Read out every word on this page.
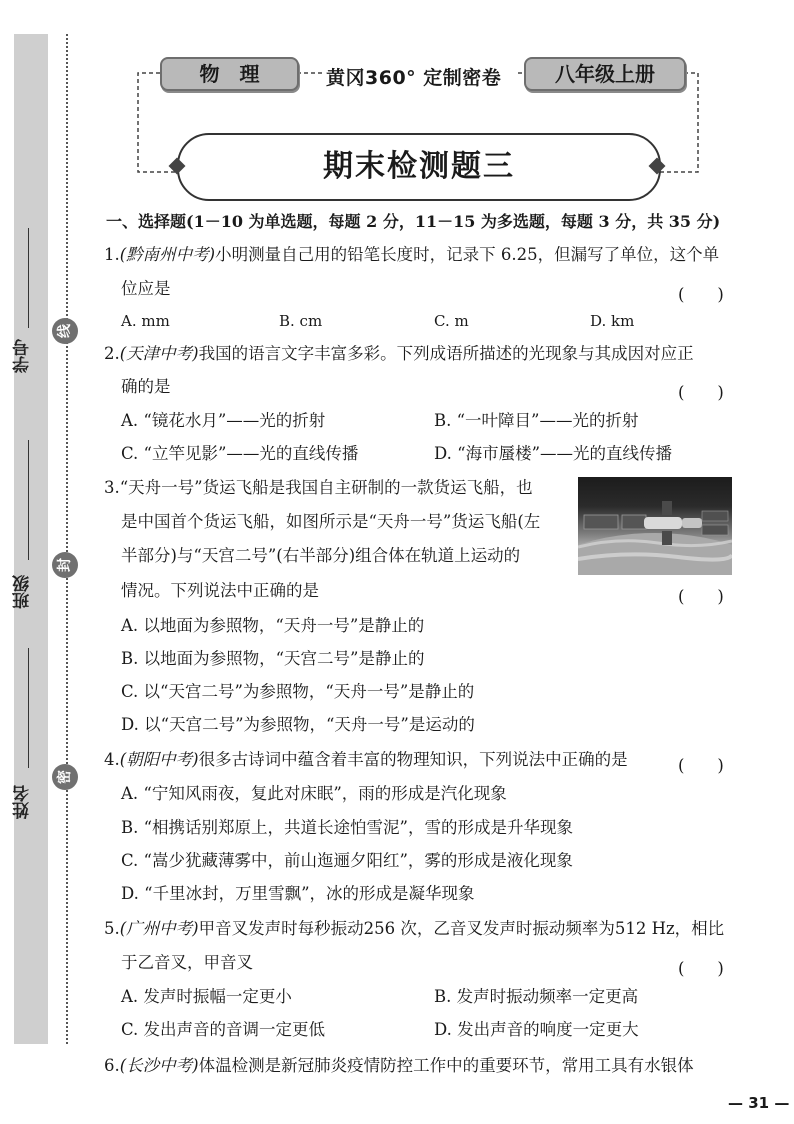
学号
线
班级
封
姓名
密
物　理	黄冈360° 定制密卷	八年级上册
期末检测题三
一、选择题(1－10 为单选题，每题 2 分，11－15 为多选题，每题 3 分，共 35 分)
1.(黔南州中考)小明测量自己用的铅笔长度时，记录下 6.25，但漏写了单位，这个单
位应是	(　　)
A. mm	B. cm	C. m	D. km
2.(天津中考)我国的语言文字丰富多彩。下列成语所描述的光现象与其成因对应正
确的是	(　　)
A. “镜花水月”——光的折射	B. “一叶障目”——光的折射
C. “立竿见影”——光的直线传播	D. “海市蜃楼”——光的直线传播
3.“天舟一号”货运飞船是我国自主研制的一款货运飞船，也
是中国首个货运飞船，如图所示是“天舟一号”货运飞船(左
半部分)与“天宫二号”(右半部分)组合体在轨道上运动的
情况。下列说法中正确的是	(　　)
A. 以地面为参照物，“天舟一号”是静止的
B. 以地面为参照物，“天宫二号”是静止的
C. 以“天宫二号”为参照物，“天舟一号”是静止的
D. 以“天宫二号”为参照物，“天舟一号”是运动的
4.(朝阳中考)很多古诗词中蕴含着丰富的物理知识，下列说法中正确的是	(　　)
A. “宁知风雨夜，复此对床眠”，雨的形成是汽化现象
B. “相携话别郑原上，共道长途怕雪泥”，雪的形成是升华现象
C. “嵩少犹藏薄雾中，前山迤逦夕阳红”，雾的形成是液化现象
D. “千里冰封，万里雪飘”，冰的形成是凝华现象
5.(广州中考)甲音叉发声时每秒振动256 次，乙音叉发声时振动频率为512 Hz，相比
于乙音叉，甲音叉	(　　)
A. 发声时振幅一定更小	B. 发声时振动频率一定更高
C. 发出声音的音调一定更低	D. 发出声音的响度一定更大
6.(长沙中考)体温检测是新冠肺炎疫情防控工作中的重要环节，常用工具有水银体
— 31 —
